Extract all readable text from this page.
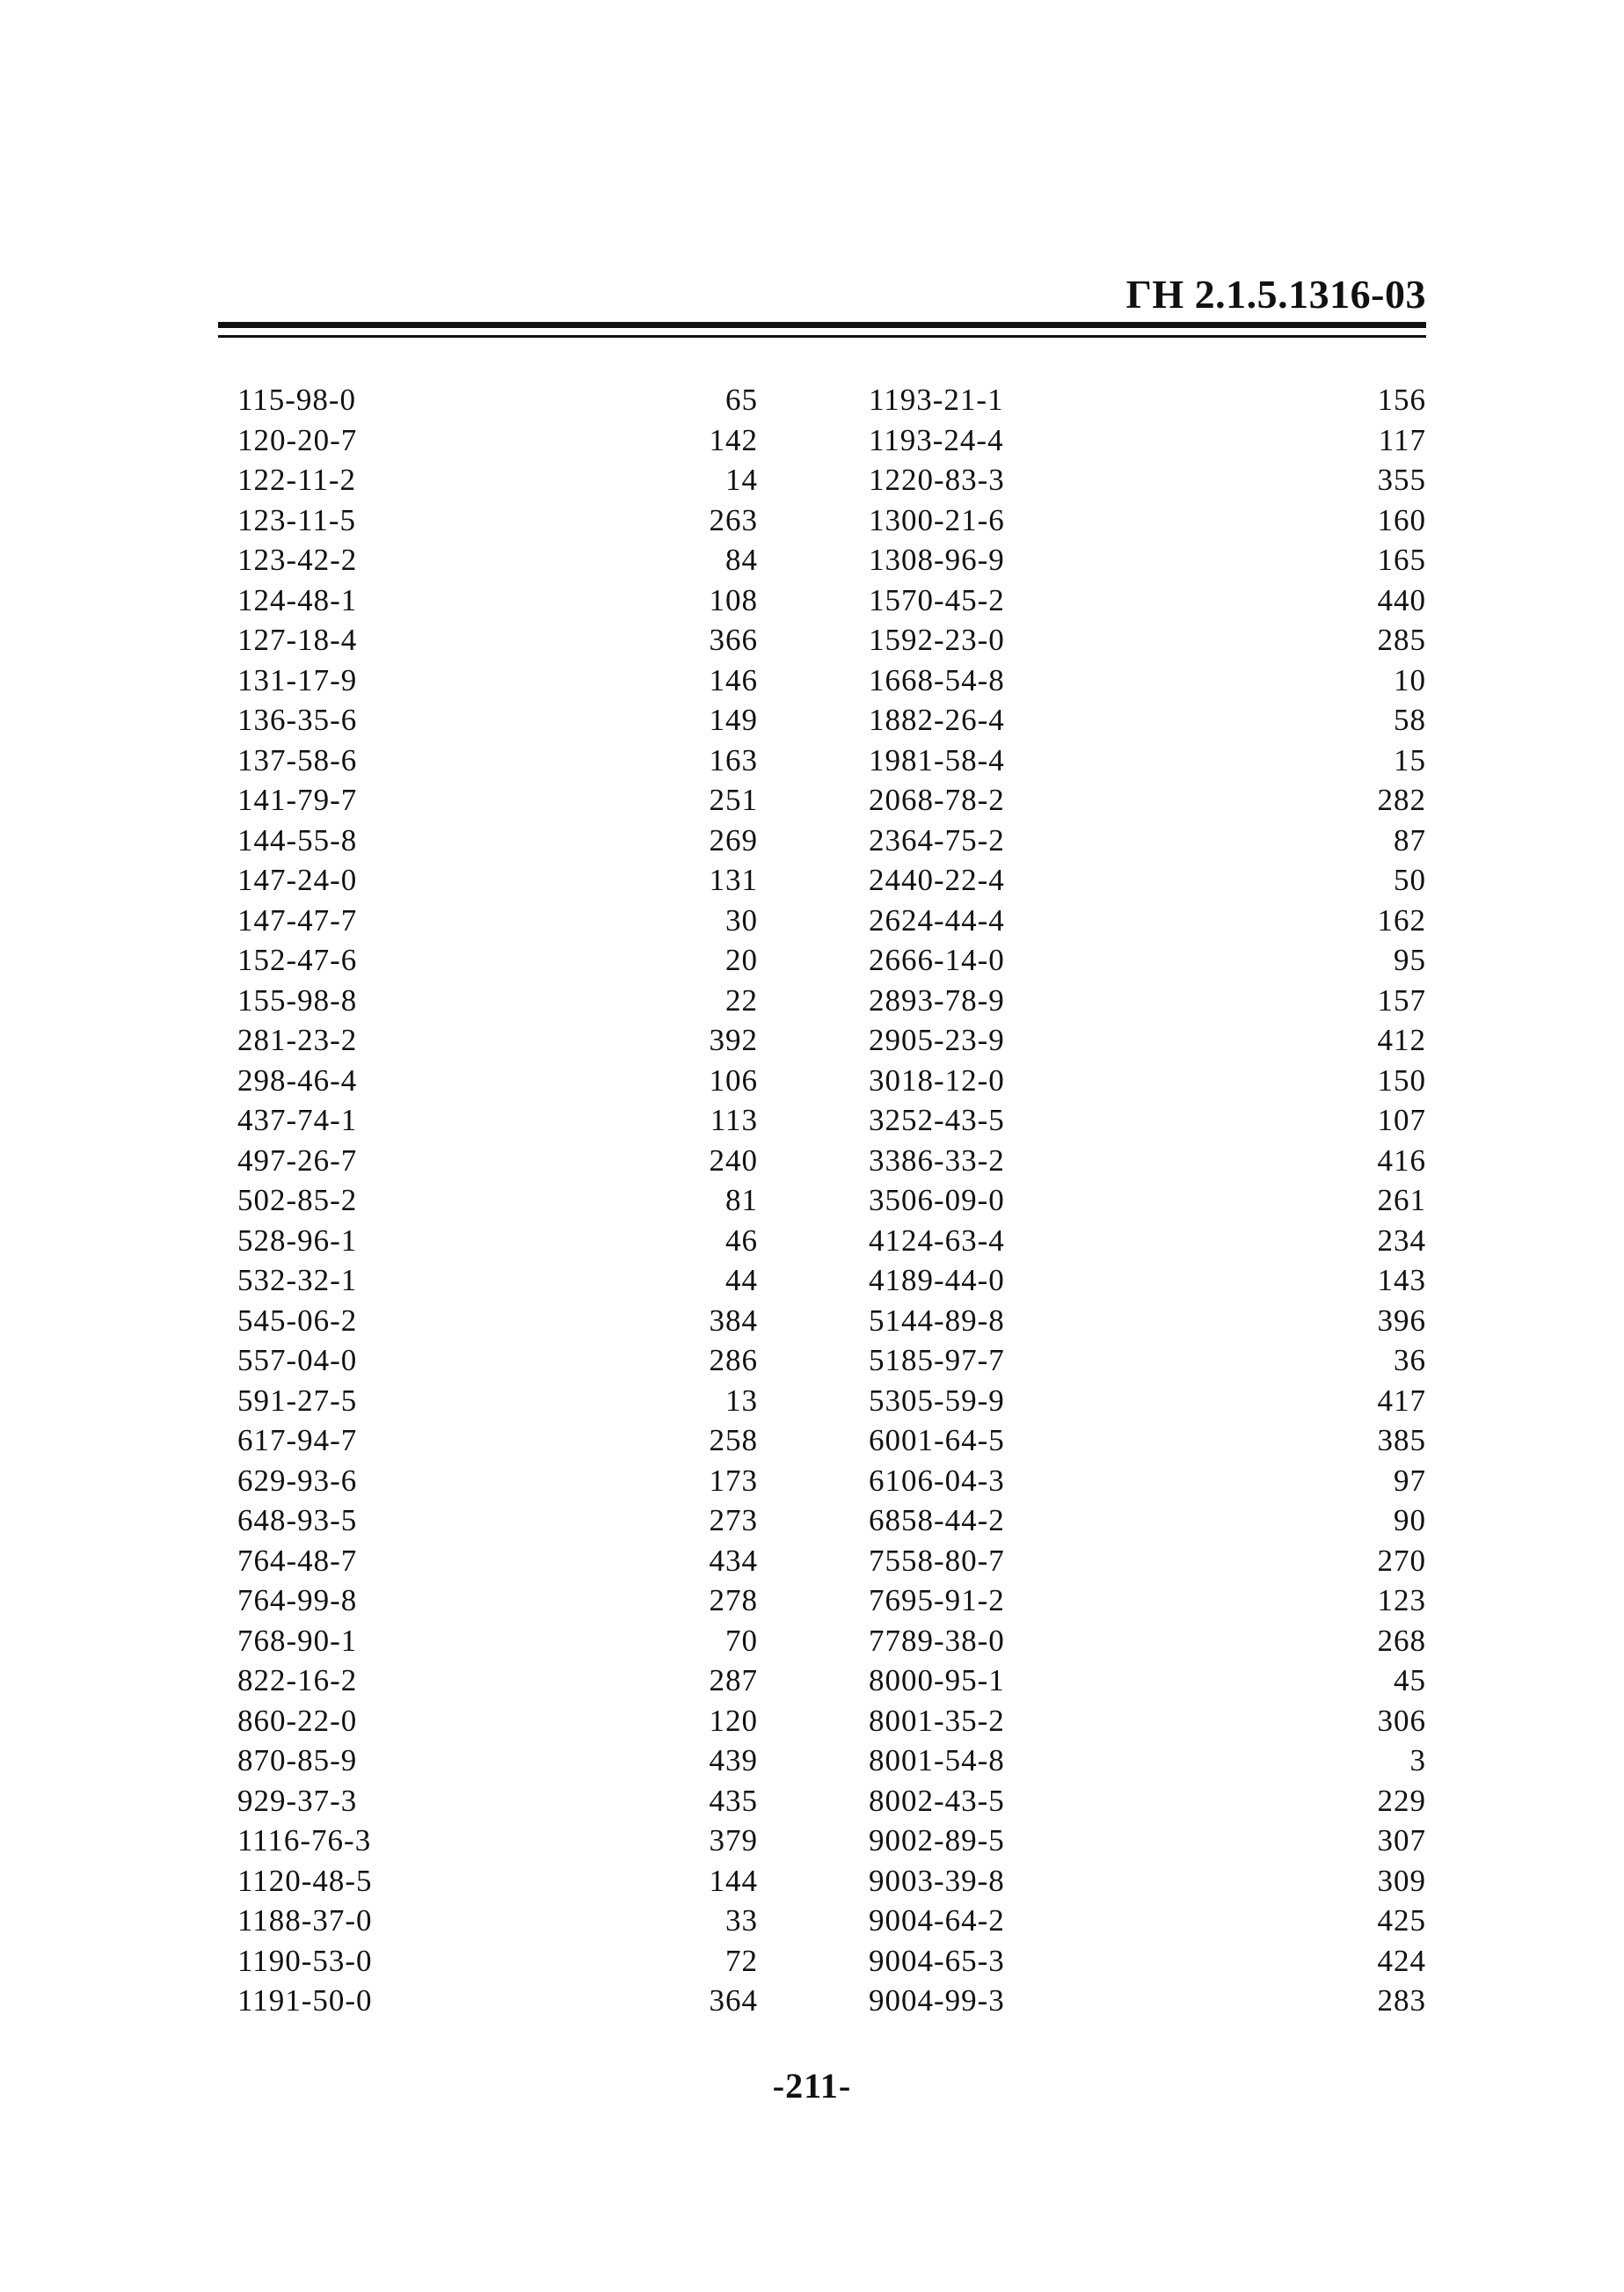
ГН 2.1.5.1316-03
115-98-0	65	1193-21-1	156
120-20-7	142	1193-24-4	117
122-11-2	14	1220-83-3	355
123-11-5	263	1300-21-6	160
123-42-2	84	1308-96-9	165
124-48-1	108	1570-45-2	440
127-18-4	366	1592-23-0	285
131-17-9	146	1668-54-8	10
136-35-6	149	1882-26-4	58
137-58-6	163	1981-58-4	15
141-79-7	251	2068-78-2	282
144-55-8	269	2364-75-2	87
147-24-0	131	2440-22-4	50
147-47-7	30	2624-44-4	162
152-47-6	20	2666-14-0	95
155-98-8	22	2893-78-9	157
281-23-2	392	2905-23-9	412
298-46-4	106	3018-12-0	150
437-74-1	113	3252-43-5	107
497-26-7	240	3386-33-2	416
502-85-2	81	3506-09-0	261
528-96-1	46	4124-63-4	234
532-32-1	44	4189-44-0	143
545-06-2	384	5144-89-8	396
557-04-0	286	5185-97-7	36
591-27-5	13	5305-59-9	417
617-94-7	258	6001-64-5	385
629-93-6	173	6106-04-3	97
648-93-5	273	6858-44-2	90
764-48-7	434	7558-80-7	270
764-99-8	278	7695-91-2	123
768-90-1	70	7789-38-0	268
822-16-2	287	8000-95-1	45
860-22-0	120	8001-35-2	306
870-85-9	439	8001-54-8	3
929-37-3	435	8002-43-5	229
1116-76-3	379	9002-89-5	307
1120-48-5	144	9003-39-8	309
1188-37-0	33	9004-64-2	425
1190-53-0	72	9004-65-3	424
1191-50-0	364	9004-99-3	283
-211-
